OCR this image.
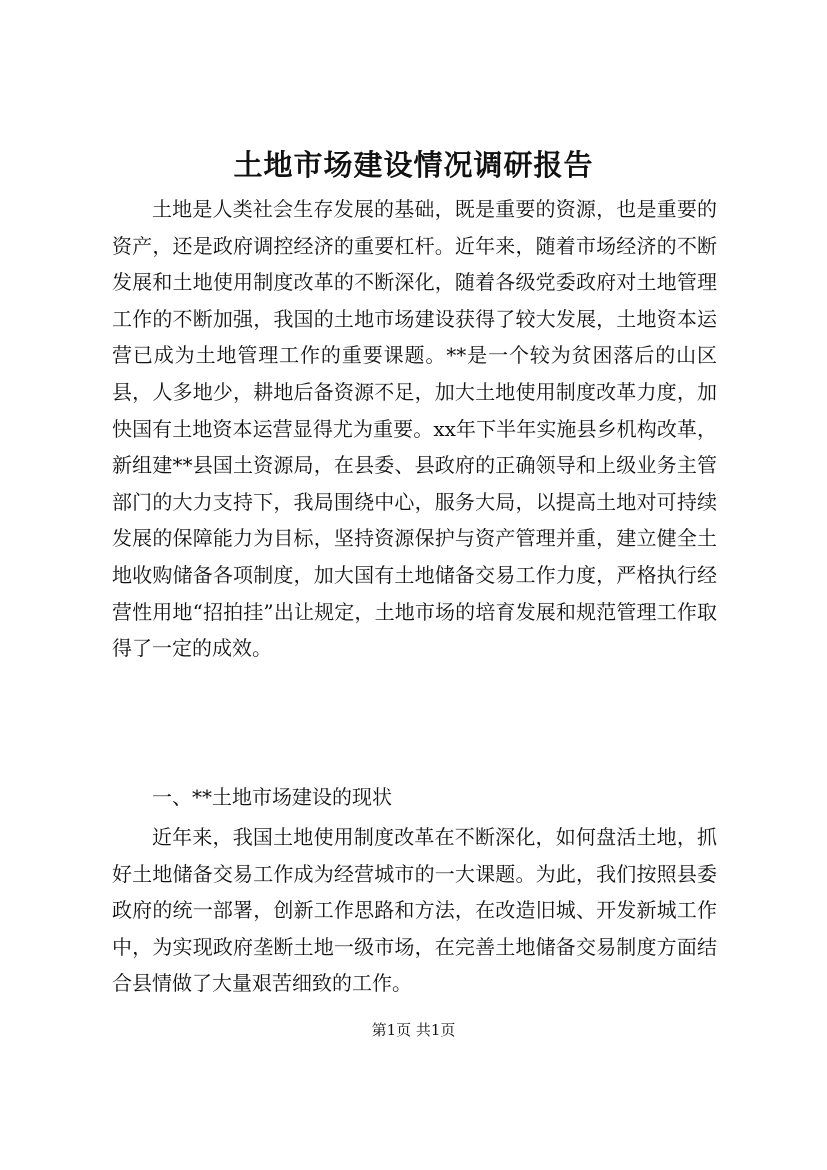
土地市场建设情况调研报告

土地是人类社会生存发展的基础，既是重要的资源，也是重要的资产，还是政府调控经济的重要杠杆。近年来，随着市场经济的不断发展和土地使用制度改革的不断深化，随着各级党委政府对土地管理工作的不断加强，我国的土地市场建设获得了较大发展，土地资本运营已成为土地管理工作的重要课题。**是一个较为贫困落后的山区县，人多地少，耕地后备资源不足，加大土地使用制度改革力度，加快国有土地资本运营显得尤为重要。xx年下半年实施县乡机构改革，新组建**县国土资源局，在县委、县政府的正确领导和上级业务主管部门的大力支持下，我局围绕中心，服务大局，以提高土地对可持续发展的保障能力为目标，坚持资源保护与资产管理并重，建立健全土地收购储备各项制度，加大国有土地储备交易工作力度，严格执行经营性用地“招拍挂”出让规定，土地市场的培育发展和规范管理工作取得了一定的成效。

一、**土地市场建设的现状

近年来，我国土地使用制度改革在不断深化，如何盘活土地，抓好土地储备交易工作成为经营城市的一大课题。为此，我们按照县委政府的统一部署，创新工作思路和方法，在改造旧城、开发新城工作中，为实现政府垄断土地一级市场，在完善土地储备交易制度方面结合县情做了大量艰苦细致的工作。

第1页 共1页
